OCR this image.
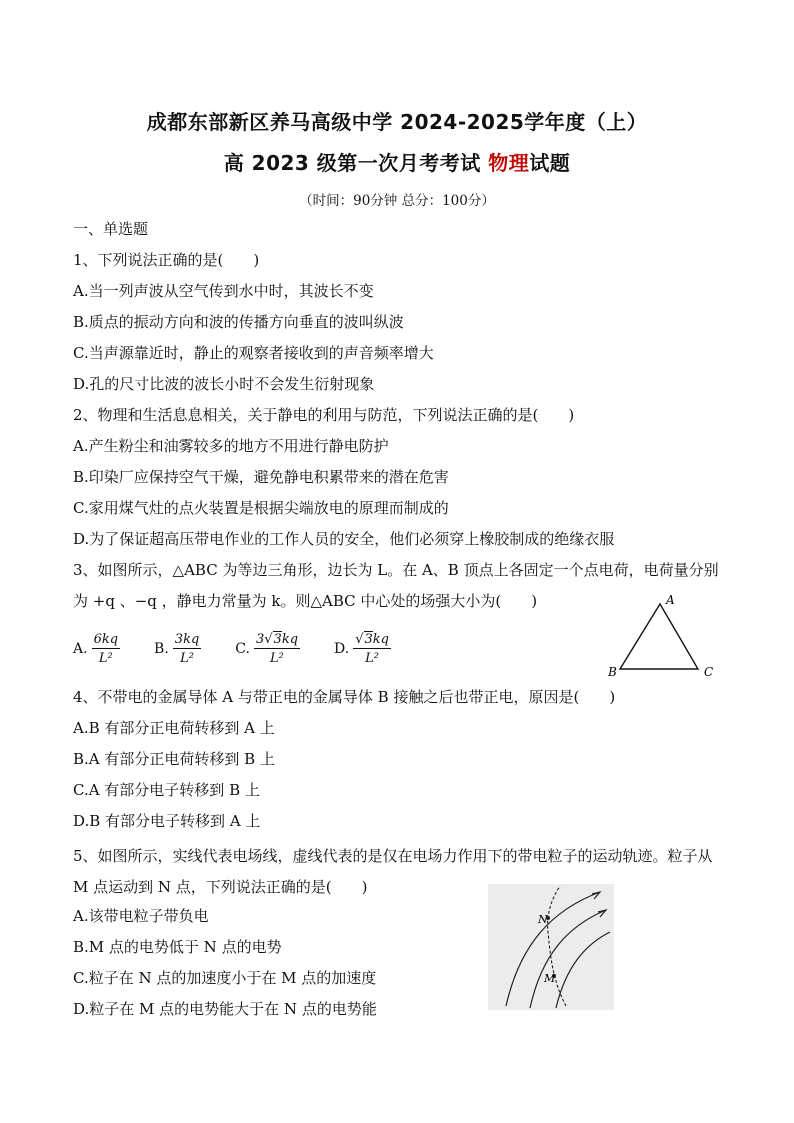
成都东部新区养马高级中学 2024-2025学年度（上）
高 2023 级第一次月考考试 物理试题
（时间：90分钟 总分：100分）
一、单选题
1、下列说法正确的是(　　)
A.当一列声波从空气传到水中时，其波长不变
B.质点的振动方向和波的传播方向垂直的波叫纵波
C.当声源靠近时，静止的观察者接收到的声音频率增大
D.孔的尺寸比波的波长小时不会发生衍射现象
2、物理和生活息息相关，关于静电的利用与防范，下列说法正确的是(　　)
A.产生粉尘和油雾较多的地方不用进行静电防护
B.印染厂应保持空气干燥，避免静电积累带来的潜在危害
C.家用煤气灶的点火装置是根据尖端放电的原理而制成的
D.为了保证超高压带电作业的工作人员的安全，他们必须穿上橡胶制成的绝缘衣服
3、如图所示，△ABC 为等边三角形，边长为 L。在 A、B 顶点上各固定一个点电荷，电荷量分别为 +q 、−q ，静电力常量为 k。则△ABC 中心处的场强大小为(　　)
A. $\frac{6kq}{\text{L²}} B$. $\frac{3kq}{\text{L²}} C$. $\frac{3√3kq}{\text{L²}} D$. $\frac{√3kq}{\text{L²}}$
A
B	C
4、不带电的金属导体 A 与带正电的金属导体 B 接触之后也带正电，原因是(　　)
A.B 有部分正电荷转移到 A 上
B.A 有部分正电荷转移到 B 上
C.A 有部分电子转移到 B 上
D.B 有部分电子转移到 A 上
5、如图所示，实线代表电场线，虚线代表的是仅在电场力作用下的带电粒子的运动轨迹。粒子从 M 点运动到 N 点，下列说法正确的是(　　)
A.该带电粒子带负电
B.M 点的电势低于 N 点的电势
C.粒子在 N 点的加速度小于在 M 点的加速度
D.粒子在 M 点的电势能大于在 N 点的电势能
N
M
